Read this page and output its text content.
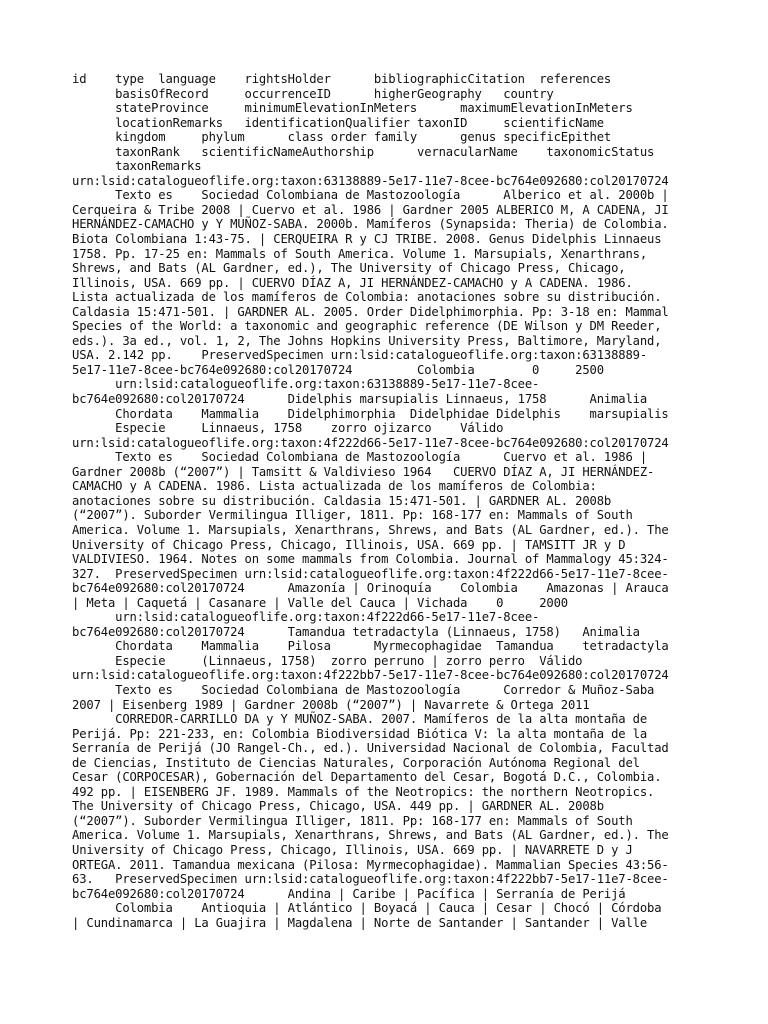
id    type  language    rightsHolder      bibliographicCitation  references
basisOfRecord     occurrenceID      higherGeography   country
stateProvince     minimumElevationInMeters      maximumElevationInMeters
locationRemarks   identificationQualifier taxonID     scientificName
kingdom     phylum      class order family      genus specificEpithet
taxonRank   scientificNameAuthorship      vernacularName    taxonomicStatus
taxonRemarks
urn:lsid:catalogueoflife.org:taxon:63138889-5e17-11e7-8cee-bc764e092680:col20170724
Texto es    Sociedad Colombiana de Mastozoología      Alberico et al. 2000b |
Cerqueira & Tribe 2008 | Cuervo et al. 1986 | Gardner 2005 ALBERICO M, A CADENA, JI
HERNÁNDEZ-CAMACHO y Y MUÑOZ-SABA. 2000b. Mamíferos (Synapsida: Theria) de Colombia.
Biota Colombiana 1:43-75. | CERQUEIRA R y CJ TRIBE. 2008. Genus Didelphis Linnaeus
1758. Pp. 17-25 en: Mammals of South America. Volume 1. Marsupials, Xenarthrans,
Shrews, and Bats (AL Gardner, ed.), The University of Chicago Press, Chicago,
Illinois, USA. 669 pp. | CUERVO DÍAZ A, JI HERNÁNDEZ-CAMACHO y A CADENA. 1986.
Lista actualizada de los mamíferos de Colombia: anotaciones sobre su distribución.
Caldasia 15:471-501. | GARDNER AL. 2005. Order Didelphimorphia. Pp: 3-18 en: Mammal
Species of the World: a taxonomic and geographic reference (DE Wilson y DM Reeder,
eds.). 3a ed., vol. 1, 2, The Johns Hopkins University Press, Baltimore, Maryland,
USA. 2.142 pp.    PreservedSpecimen urn:lsid:catalogueoflife.org:taxon:63138889-
5e17-11e7-8cee-bc764e092680:col20170724         Colombia        0     2500
urn:lsid:catalogueoflife.org:taxon:63138889-5e17-11e7-8cee-
bc764e092680:col20170724      Didelphis marsupialis Linnaeus, 1758      Animalia
Chordata    Mammalia    Didelphimorphia  Didelphidae Didelphis    marsupialis
Especie     Linnaeus, 1758    zorro ojizarco    Válido
urn:lsid:catalogueoflife.org:taxon:4f222d66-5e17-11e7-8cee-bc764e092680:col20170724
Texto es    Sociedad Colombiana de Mastozoología      Cuervo et al. 1986 |
Gardner 2008b (“2007”) | Tamsitt & Valdivieso 1964   CUERVO DÍAZ A, JI HERNÁNDEZ-
CAMACHO y A CADENA. 1986. Lista actualizada de los mamíferos de Colombia:
anotaciones sobre su distribución. Caldasia 15:471-501. | GARDNER AL. 2008b
(“2007”). Suborder Vermilingua Illiger, 1811. Pp: 168-177 en: Mammals of South
America. Volume 1. Marsupials, Xenarthrans, Shrews, and Bats (AL Gardner, ed.). The
University of Chicago Press, Chicago, Illinois, USA. 669 pp. | TAMSITT JR y D
VALDIVIESO. 1964. Notes on some mammals from Colombia. Journal of Mammalogy 45:324-
327.  PreservedSpecimen urn:lsid:catalogueoflife.org:taxon:4f222d66-5e17-11e7-8cee-
bc764e092680:col20170724      Amazonía | Orinoquía    Colombia    Amazonas | Arauca
| Meta | Caquetá | Casanare | Valle del Cauca | Vichada    0     2000
urn:lsid:catalogueoflife.org:taxon:4f222d66-5e17-11e7-8cee-
bc764e092680:col20170724      Tamandua tetradactyla (Linnaeus, 1758)   Animalia
Chordata    Mammalia    Pilosa      Myrmecophagidae  Tamandua    tetradactyla
Especie     (Linnaeus, 1758)  zorro perruno | zorro perro  Válido
urn:lsid:catalogueoflife.org:taxon:4f222bb7-5e17-11e7-8cee-bc764e092680:col20170724
Texto es    Sociedad Colombiana de Mastozoología      Corredor & Muñoz-Saba
2007 | Eisenberg 1989 | Gardner 2008b (“2007”) | Navarrete & Ortega 2011
CORREDOR-CARRILLO DA y Y MUÑOZ-SABA. 2007. Mamíferos de la alta montaña de
Perijá. Pp: 221-233, en: Colombia Biodiversidad Biótica V: la alta montaña de la
Serranía de Perijá (JO Rangel-Ch., ed.). Universidad Nacional de Colombia, Facultad
de Ciencias, Instituto de Ciencias Naturales, Corporación Autónoma Regional del
Cesar (CORPOCESAR), Gobernación del Departamento del Cesar, Bogotá D.C., Colombia.
492 pp. | EISENBERG JF. 1989. Mammals of the Neotropics: the northern Neotropics.
The University of Chicago Press, Chicago, USA. 449 pp. | GARDNER AL. 2008b
(“2007”). Suborder Vermilingua Illiger, 1811. Pp: 168-177 en: Mammals of South
America. Volume 1. Marsupials, Xenarthrans, Shrews, and Bats (AL Gardner, ed.). The
University of Chicago Press, Chicago, Illinois, USA. 669 pp. | NAVARRETE D y J
ORTEGA. 2011. Tamandua mexicana (Pilosa: Myrmecophagidae). Mammalian Species 43:56-
63.   PreservedSpecimen urn:lsid:catalogueoflife.org:taxon:4f222bb7-5e17-11e7-8cee-
bc764e092680:col20170724      Andina | Caribe | Pacífica | Serranía de Perijá
Colombia    Antioquia | Atlántico | Boyacá | Cauca | Cesar | Chocó | Córdoba
| Cundinamarca | La Guajira | Magdalena | Norte de Santander | Santander | Valle
